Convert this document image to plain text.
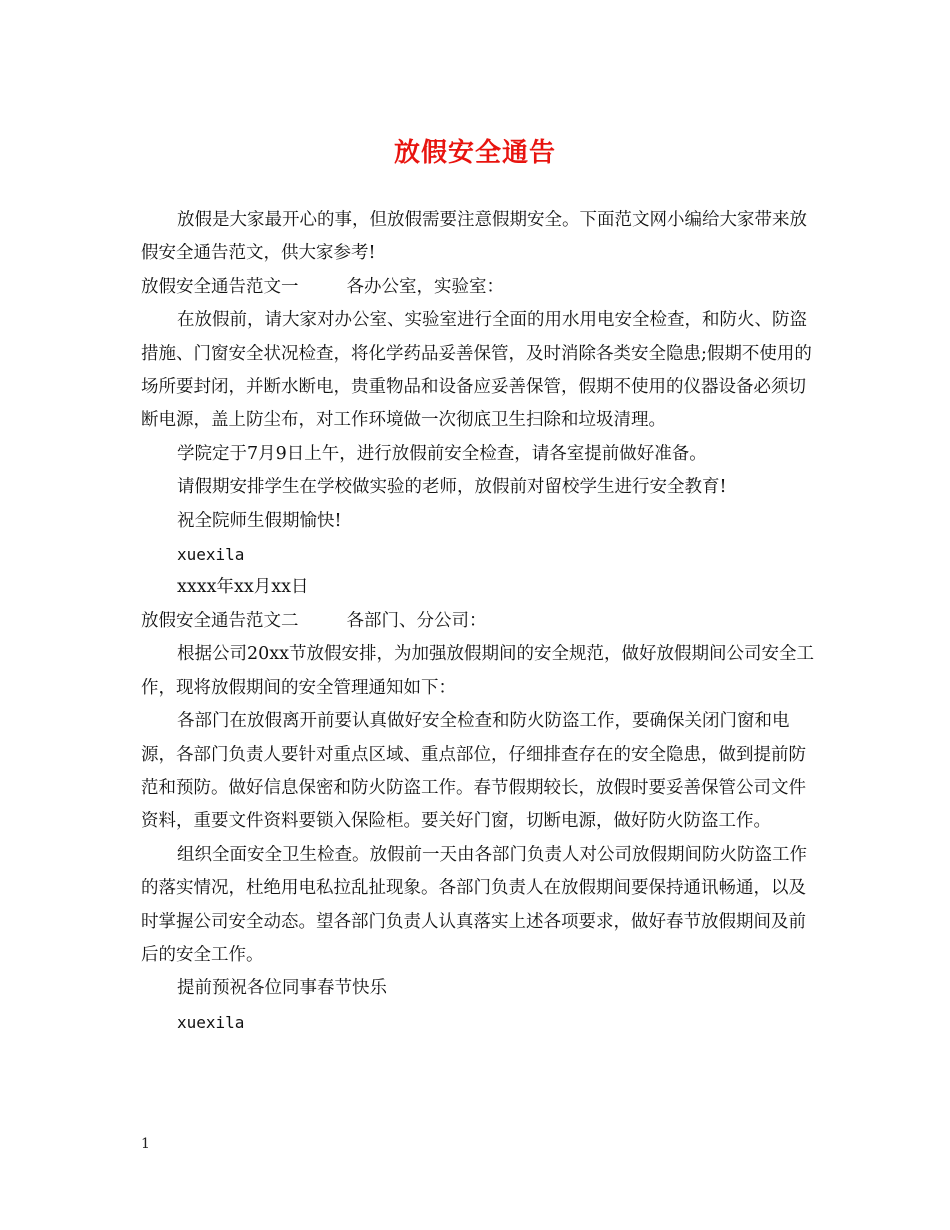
放假安全通告

放假是大家最开心的事，但放假需要注意假期安全。下面范文网小编给大家带来放假安全通告范文，供大家参考!

放假安全通告范文一	各办公室，实验室：

在放假前，请大家对办公室、实验室进行全面的用水用电安全检查，和防火、防盗措施、门窗安全状况检查，将化学药品妥善保管，及时消除各类安全隐患;假期不使用的场所要封闭，并断水断电，贵重物品和设备应妥善保管，假期不使用的仪器设备必须切断电源，盖上防尘布，对工作环境做一次彻底卫生扫除和垃圾清理。

学院定于7月9日上午，进行放假前安全检查，请各室提前做好准备。

请假期安排学生在学校做实验的老师，放假前对留校学生进行安全教育!

祝全院师生假期愉快!

xuexila

xxxx年xx月xx日

放假安全通告范文二	各部门、分公司：

根据公司20xx节放假安排，为加强放假期间的安全规范，做好放假期间公司安全工作，现将放假期间的安全管理通知如下：

各部门在放假离开前要认真做好安全检查和防火防盗工作，要确保关闭门窗和电源，各部门负责人要针对重点区域、重点部位，仔细排查存在的安全隐患，做到提前防范和预防。做好信息保密和防火防盗工作。春节假期较长，放假时要妥善保管公司文件资料，重要文件资料要锁入保险柜。要关好门窗，切断电源，做好防火防盗工作。

组织全面安全卫生检查。放假前一天由各部门负责人对公司放假期间防火防盗工作的落实情况，杜绝用电私拉乱扯现象。各部门负责人在放假期间要保持通讯畅通，以及时掌握公司安全动态。望各部门负责人认真落实上述各项要求，做好春节放假期间及前后的安全工作。

提前预祝各位同事春节快乐

xuexila

1
